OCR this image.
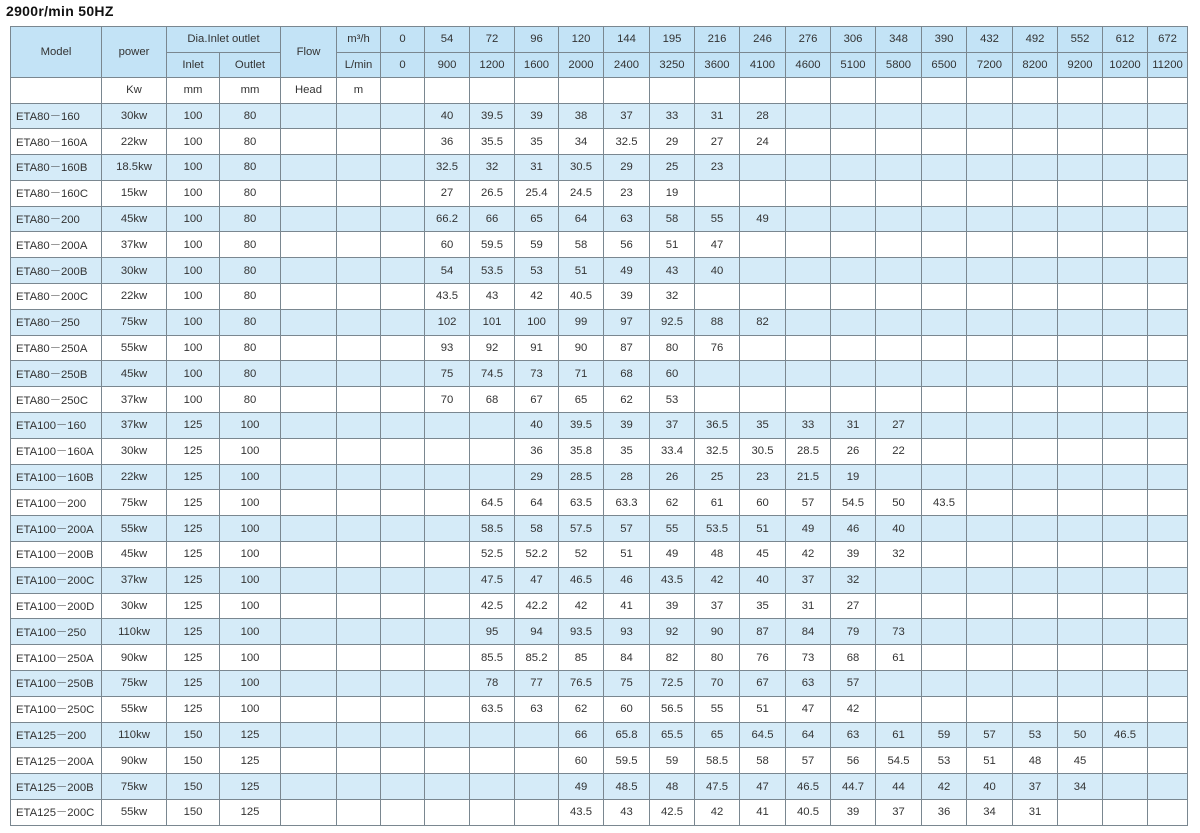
2900r/min 50HZ
Model	power	Dia.Inlet outlet		Flow	m³/h	0	54	72	96	120	144	195	216	246	276	306	348	390	432	492	552	612	672
		Inlet	Outlet		L/min	0	900	1200	1600	2000	2400	3250	3600	4100	4600	5100	5800	6500	7200	8200	9200	10200	11200
	Kw	mm	mm	Head	m																		
ETA80－160	30kw	100	80				40	39.5	39	38	37	33	31	28									
ETA80－160A	22kw	100	80				36	35.5	35	34	32.5	29	27	24									
ETA80－160B	18.5kw	100	80				32.5	32	31	30.5	29	25	23										
ETA80－160C	15kw	100	80				27	26.5	25.4	24.5	23	19											
ETA80－200	45kw	100	80				66.2	66	65	64	63	58	55	49									
ETA80－200A	37kw	100	80				60	59.5	59	58	56	51	47										
ETA80－200B	30kw	100	80				54	53.5	53	51	49	43	40										
ETA80－200C	22kw	100	80				43.5	43	42	40.5	39	32											
ETA80－250	75kw	100	80				102	101	100	99	97	92.5	88	82									
ETA80－250A	55kw	100	80				93	92	91	90	87	80	76										
ETA80－250B	45kw	100	80				75	74.5	73	71	68	60											
ETA80－250C	37kw	100	80				70	68	67	65	62	53											
ETA100－160	37kw	125	100						40	39.5	39	37	36.5	35	33	31	27						
ETA100－160A	30kw	125	100						36	35.8	35	33.4	32.5	30.5	28.5	26	22						
ETA100－160B	22kw	125	100						29	28.5	28	26	25	23	21.5	19							
ETA100－200	75kw	125	100					64.5	64	63.5	63.3	62	61	60	57	54.5	50	43.5					
ETA100－200A	55kw	125	100					58.5	58	57.5	57	55	53.5	51	49	46	40						
ETA100－200B	45kw	125	100					52.5	52.2	52	51	49	48	45	42	39	32						
ETA100－200C	37kw	125	100					47.5	47	46.5	46	43.5	42	40	37	32							
ETA100－200D	30kw	125	100					42.5	42.2	42	41	39	37	35	31	27							
ETA100－250	110kw	125	100					95	94	93.5	93	92	90	87	84	79	73						
ETA100－250A	90kw	125	100					85.5	85.2	85	84	82	80	76	73	68	61						
ETA100－250B	75kw	125	100					78	77	76.5	75	72.5	70	67	63	57							
ETA100－250C	55kw	125	100					63.5	63	62	60	56.5	55	51	47	42							
ETA125－200	110kw	150	125							66	65.8	65.5	65	64.5	64	63	61	59	57	53	50	46.5	
ETA125－200A	90kw	150	125							60	59.5	59	58.5	58	57	56	54.5	53	51	48	45		
ETA125－200B	75kw	150	125							49	48.5	48	47.5	47	46.5	44.7	44	42	40	37	34		
ETA125－200C	55kw	150	125							43.5	43	42.5	42	41	40.5	39	37	36	34	31			
